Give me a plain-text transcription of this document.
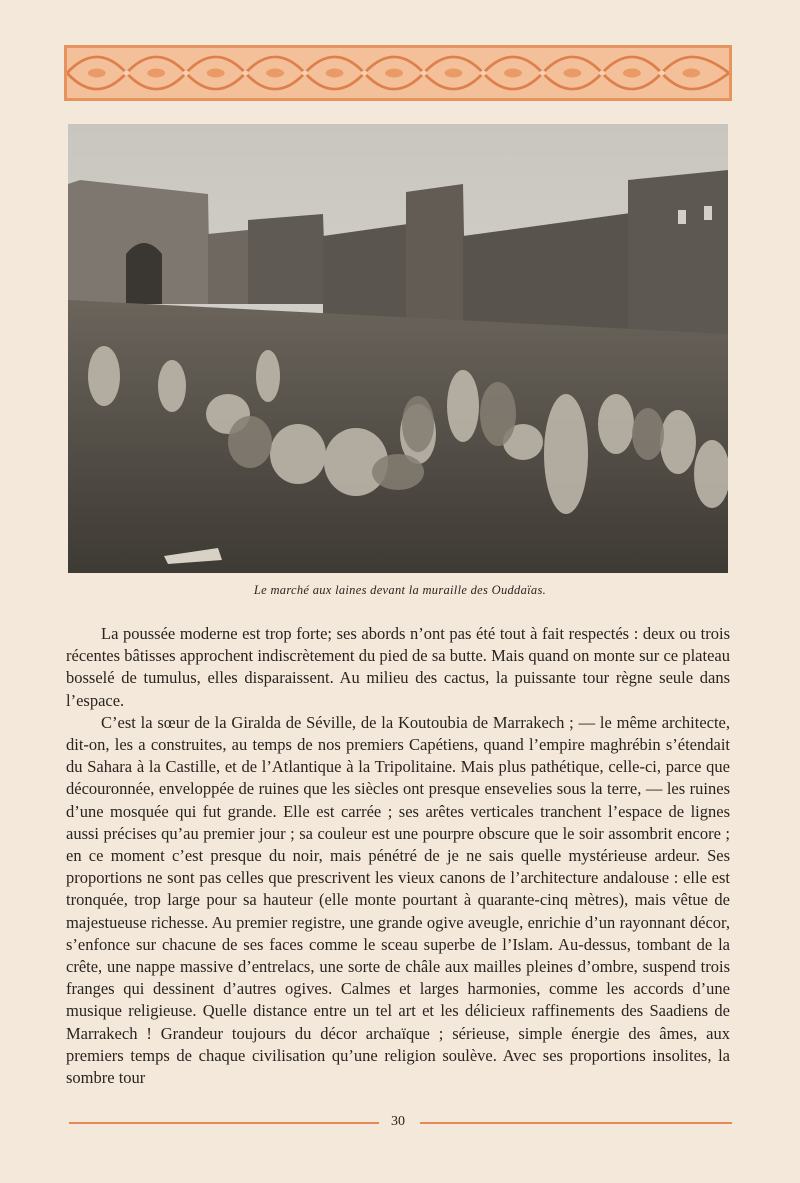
Le marché aux laines devant la muraille des Ouddaïas.

La poussée moderne est trop forte; ses abords n’ont pas été tout à fait respectés : deux ou trois récentes bâtisses approchent indiscrètement du pied de sa butte. Mais quand on monte sur ce plateau bosselé de tumulus, elles disparaissent. Au milieu des cactus, la puissante tour règne seule dans l’espace.

C’est la sœur de la Giralda de Séville, de la Koutoubia de Marrakech ; — le même architecte, dit-on, les a construites, au temps de nos premiers Capétiens, quand l’empire maghrébin s’étendait du Sahara à la Castille, et de l’Atlantique à la Tripolitaine. Mais plus pathétique, celle-ci, parce que découronnée, enveloppée de ruines que les siècles ont presque ensevelies sous la terre, — les ruines d’une mosquée qui fut grande. Elle est carrée ; ses arêtes verticales tranchent l’espace de lignes aussi précises qu’au premier jour ; sa couleur est une pourpre obscure que le soir assombrit encore ; en ce moment c’est presque du noir, mais pénétré de je ne sais quelle mystérieuse ardeur. Ses proportions ne sont pas celles que prescrivent les vieux canons de l’architecture andalouse : elle est tronquée, trop large pour sa hauteur (elle monte pourtant à quarante-cinq mètres), mais vêtue de majestueuse richesse. Au premier registre, une grande ogive aveugle, enrichie d’un rayonnant décor, s’enfonce sur chacune de ses faces comme le sceau superbe de l’Islam. Au-dessus, tombant de la crête, une nappe massive d’entrelacs, une sorte de châle aux mailles pleines d’ombre, suspend trois franges qui dessinent d’autres ogives. Calmes et larges harmonies, comme les accords d’une musique religieuse. Quelle distance entre un tel art et les délicieux raffinements des Saadiens de Marrakech ! Grandeur toujours du décor archaïque ; sérieuse, simple énergie des âmes, aux premiers temps de chaque civilisation qu’une religion soulève. Avec ses proportions insolites, la sombre tour

30
